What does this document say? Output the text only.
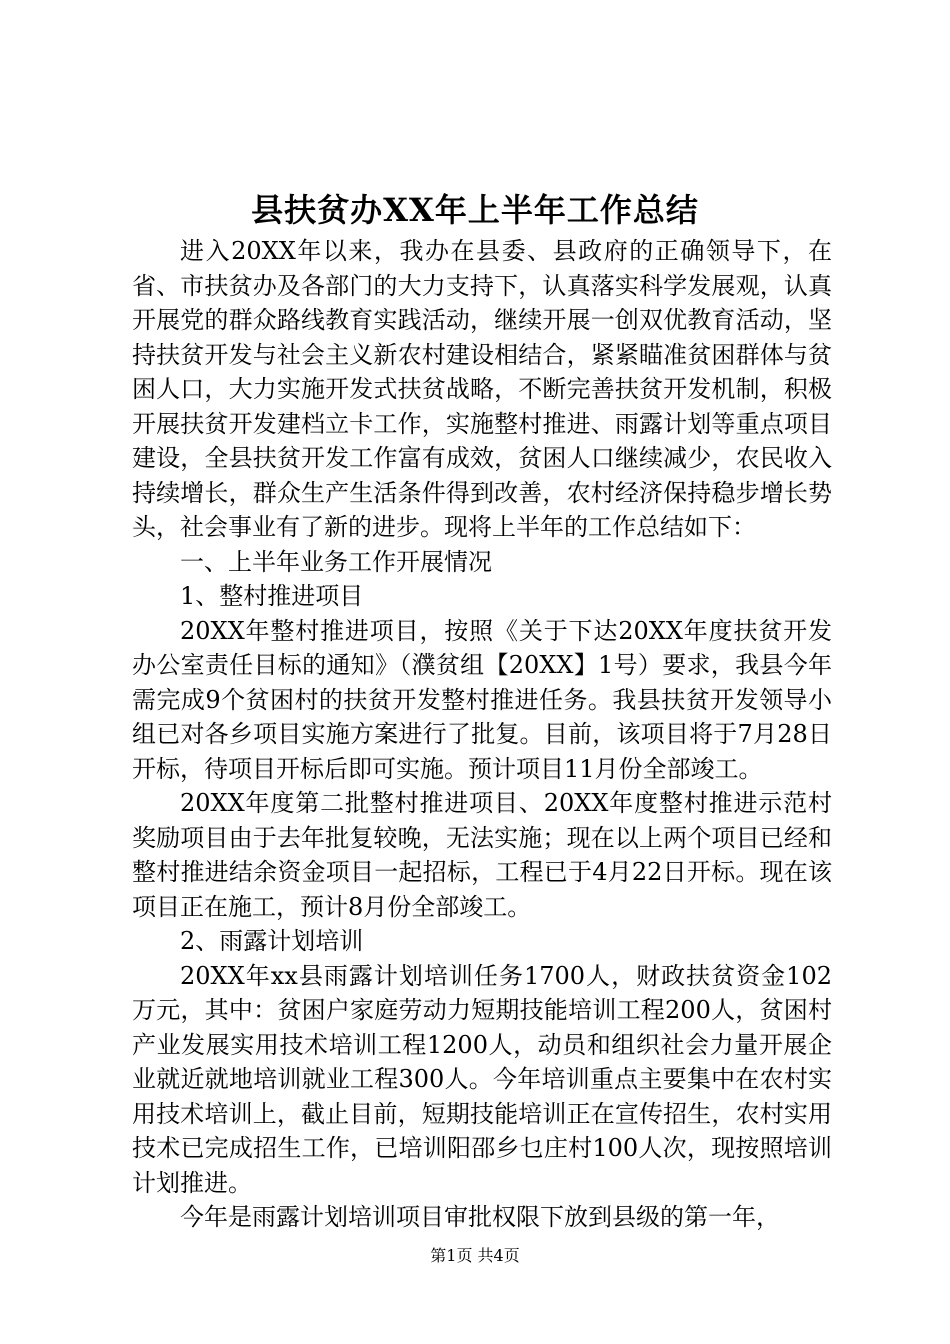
县扶贫办XX年上半年工作总结

进入20XX年以来，我办在县委、县政府的正确领导下，在省、市扶贫办及各部门的大力支持下，认真落实科学发展观，认真开展党的群众路线教育实践活动，继续开展一创双优教育活动，坚持扶贫开发与社会主义新农村建设相结合，紧紧瞄准贫困群体与贫困人口，大力实施开发式扶贫战略，不断完善扶贫开发机制，积极开展扶贫开发建档立卡工作，实施整村推进、雨露计划等重点项目建设，全县扶贫开发工作富有成效，贫困人口继续减少，农民收入持续增长，群众生产生活条件得到改善，农村经济保持稳步增长势头，社会事业有了新的进步。现将上半年的工作总结如下：

一、上半年业务工作开展情况

1、整村推进项目

20XX年整村推进项目，按照《关于下达20XX年度扶贫开发办公室责任目标的通知》（濮贫组【20XX】1号）要求，我县今年需完成9个贫困村的扶贫开发整村推进任务。我县扶贫开发领导小组已对各乡项目实施方案进行了批复。目前，该项目将于7月28日开标，待项目开标后即可实施。预计项目11月份全部竣工。

20XX年度第二批整村推进项目、20XX年度整村推进示范村奖励项目由于去年批复较晚，无法实施；现在以上两个项目已经和整村推进结余资金项目一起招标，工程已于4月22日开标。现在该项目正在施工，预计8月份全部竣工。

2、雨露计划培训

20XX年xx县雨露计划培训任务1700人，财政扶贫资金102万元，其中：贫困户家庭劳动力短期技能培训工程200人，贫困村产业发展实用技术培训工程1200人，动员和组织社会力量开展企业就近就地培训就业工程300人。今年培训重点主要集中在农村实用技术培训上，截止目前，短期技能培训正在宣传招生，农村实用技术已完成招生工作，已培训阳邵乡乜庄村100人次，现按照培训计划推进。

今年是雨露计划培训项目审批权限下放到县级的第一年，

第1页 共4页
